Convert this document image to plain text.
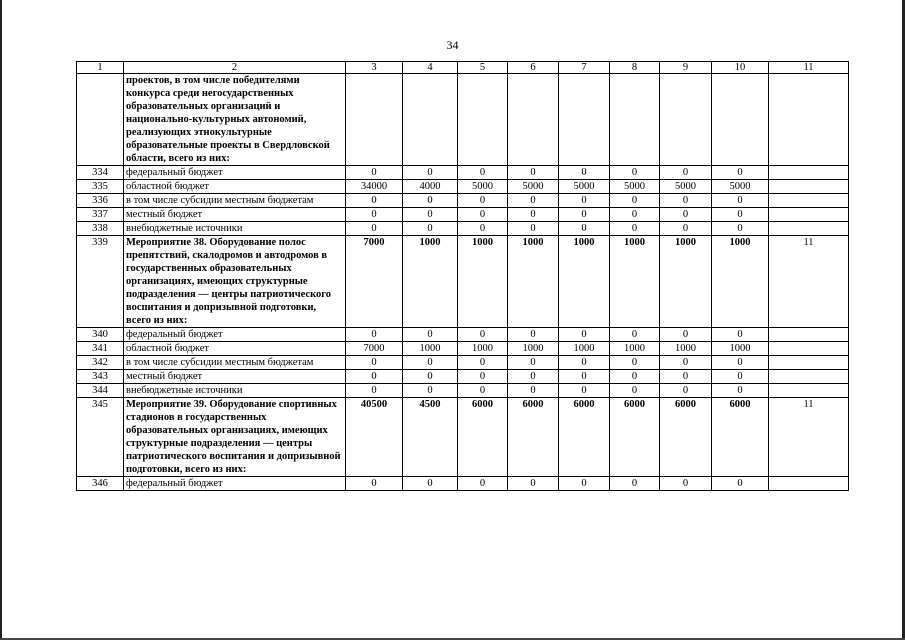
34
1	2	3	4	5	6	7	8	9	10	11
	проектов, в том числе победителями конкурса среди негосударственных образовательных организаций и национально-культурных автономий, реализующих этнокультурные образовательные проекты в Свердловской области, всего из них:									
334	федеральный бюджет	0	0	0	0	0	0	0	0	
335	областной бюджет	34000	4000	5000	5000	5000	5000	5000	5000	
336	в том числе субсидии местным бюджетам	0	0	0	0	0	0	0	0	
337	местный бюджет	0	0	0	0	0	0	0	0	
338	внебюджетные источники	0	0	0	0	0	0	0	0	
339	Мероприятие 38. Оборудование полос препятствий, скалодромов и автодромов в государственных образовательных организациях, имеющих структурные подразделения — центры патриотического воспитания и допризывной подготовки, всего из них:	7000	1000	1000	1000	1000	1000	1000	1000	11
340	федеральный бюджет	0	0	0	0	0	0	0	0	
341	областной бюджет	7000	1000	1000	1000	1000	1000	1000	1000	
342	в том числе субсидии местным бюджетам	0	0	0	0	0	0	0	0	
343	местный бюджет	0	0	0	0	0	0	0	0	
344	внебюджетные источники	0	0	0	0	0	0	0	0	
345	Мероприятие 39. Оборудование спортивных стадионов в государственных образовательных организациях, имеющих структурные подразделения — центры патриотического воспитания и допризывной подготовки, всего из них:	40500	4500	6000	6000	6000	6000	6000	6000	11
346	федеральный бюджет	0	0	0	0	0	0	0	0	
